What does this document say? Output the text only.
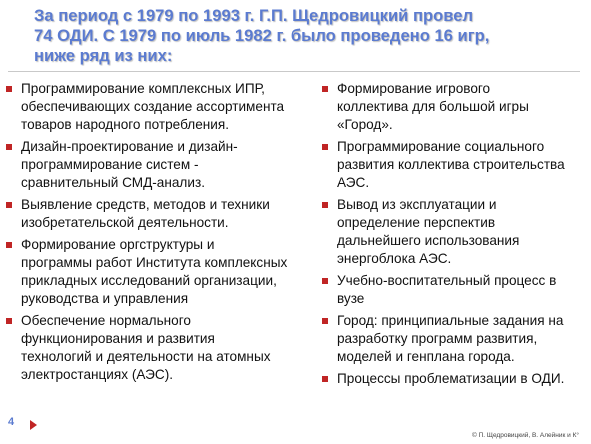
За период с 1979 по 1993 г. Г.П. Щедровицкий провел
74 ОДИ. С 1979 по июль 1982 г. было проведено 16 игр,
ниже ряд из них:
Программирование комплексных ИПР,
обеспечивающих создание ассортимента
товаров народного потребления.
Дизайн-проектирование и дизайн-
программирование систем -
сравнительный СМД-анализ.
Выявление средств, методов и техники
изобретательской деятельности.
Формирование оргструктуры и
программы работ Института комплексных
прикладных исследований организации,
руководства и управления
Обеспечение нормального
функционирования и развития
технологий и деятельности на атомных
электростанциях (АЭС).
Формирование игрового
коллектива для большой игры
«Город».
Программирование социального
развития коллектива строительства
АЭС.
Вывод из эксплуатации и
определение перспектив
дальнейшего использования
энергоблока АЭС.
Учебно-воспитательный процесс в
вузе
Город: принципиальные задания на
разработку программ развития,
моделей и генплана города.
Процессы проблематизации в ОДИ.
4
© П. Щедровицкий, В. Алейник и К°
